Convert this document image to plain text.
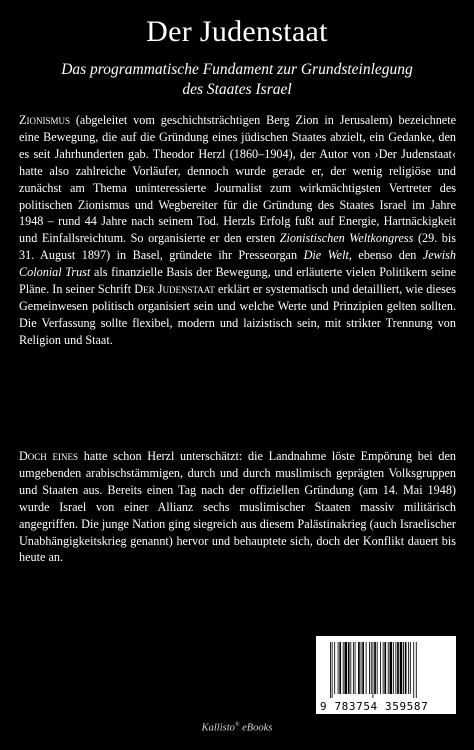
Der Judenstaat
Das programmatische Fundament zur Grundsteinlegung
des Staates Israel
Zionismus (abgeleitet vom geschichtsträchtigen Berg Zion in Jerusalem) bezeichnete eine Bewegung, die auf die Gründung eines jüdischen Staates abzielt, ein Gedanke, den es seit Jahrhunderten gab. Theodor Herzl (1860–1904), der Autor von ›Der Judenstaat‹ hatte also zahlreiche Vorläufer, dennoch wurde gerade er, der wenig religiöse und zunächst am Thema uninteressierte Journalist zum wirkmächtigsten Vertreter des politischen Zionismus und Wegbereiter für die Gründung des Staates Israel im Jahre 1948 – rund 44 Jahre nach seinem Tod. Herzls Erfolg fußt auf Energie, Hartnäckigkeit und Einfallsreichtum. So organisierte er den ersten Zionistischen Weltkongress (29. bis 31. August 1897) in Basel, gründete ihr Presseorgan Die Welt, ebenso den Jewish Colonial Trust als finanzielle Basis der Bewegung, und erläuterte vielen Politikern seine Pläne. In seiner Schrift Der Judenstaat erklärt er systematisch und detailliert, wie dieses Gemeinwesen politisch organisiert sein und welche Werte und Prinzipien gelten sollten. Die Verfassung sollte flexibel, modern und laizistisch sein, mit strikter Trennung von Religion und Staat.
Doch eines hatte schon Herzl unterschätzt: die Landnahme löste Empörung bei den umgebenden arabischstämmigen, durch und durch muslimisch geprägten Volksgruppen und Staaten aus. Bereits einen Tag nach der offiziellen Gründung (am 14. Mai 1948) wurde Israel von einer Allianz sechs muslimischer Staaten massiv militärisch angegriffen. Die junge Nation ging siegreich aus diesem Palästinakrieg (auch Israelischer Unabhängigkeitskrieg genannt) hervor und behauptete sich, doch der Konflikt dauert bis heute an.
9 783754 359587
Kallisto® eBooks
